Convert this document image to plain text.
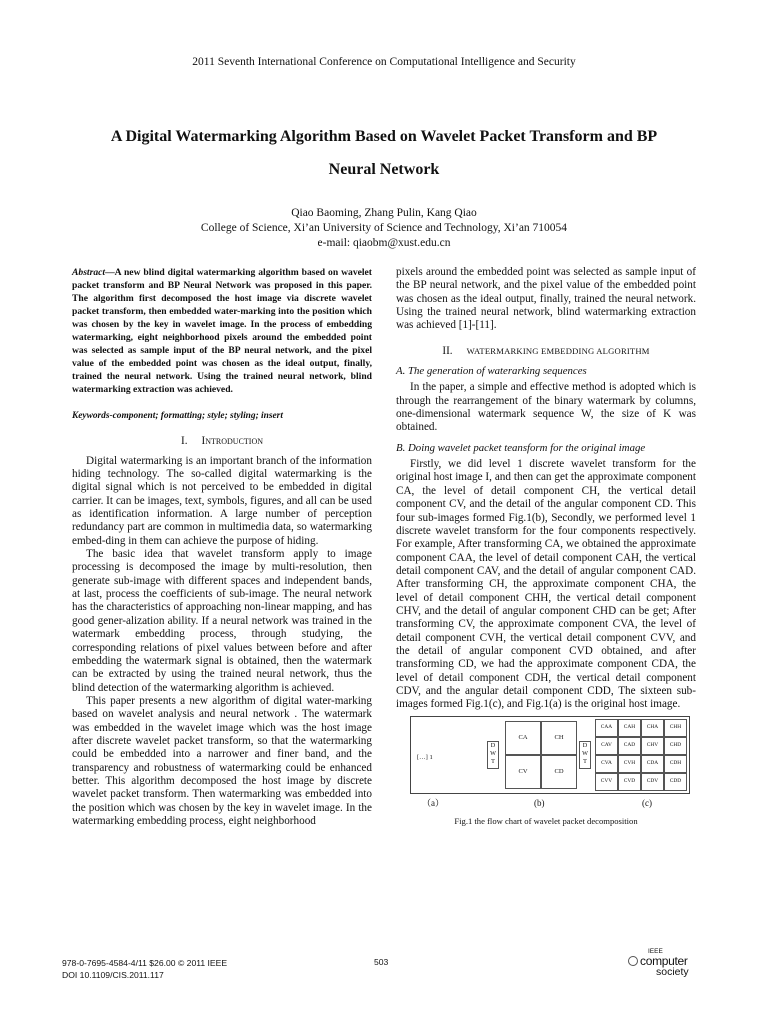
2011 Seventh International Conference on Computational Intelligence and Security
A Digital Watermarking Algorithm Based on Wavelet Packet Transform and BP
Neural Network
Qiao Baoming, Zhang Pulin, Kang Qiao
College of Science, Xi’an University of Science and Technology, Xi’an 710054
e-mail: qiaobm@xust.edu.cn
Abstract—A new blind digital watermarking algorithm based on wavelet packet transform and BP Neural Network was proposed in this paper. The algorithm first decomposed the host image via discrete wavelet packet transform, then embedded water-marking into the position which was chosen by the key in wavelet image. In the process of embedding watermarking, eight neighborhood pixels around the embedded point was selected as sample input of the BP neural network, and the pixel value of the embedded point was chosen as the ideal output, finally, trained the neural network. Using the trained neural network, blind watermarking extraction was achieved.
Keywords-component; formatting; style; styling; insert
I. Introduction

Digital watermarking is an important branch of the information hiding technology. The so-called digital watermarking is the digital signal which is not perceived to be embedded in digital carrier. It can be images, text, symbols, figures, and all can be used as identification information. A large number of perception redundancy part are common in multimedia data, so watermarking embed-ding in them can achieve the purpose of hiding.

The basic idea that wavelet transform apply to image processing is decomposed the image by multi-resolution, then generate sub-image with different spaces and independent bands, at last, process the coefficients of sub-image. The neural network has the characteristics of approaching non-linear mapping, and has good gener-alization ability. If a neural network was trained in the watermark embedding process, through studying, the corresponding relations of pixel values between before and after embedding the watermark signal is obtained, then the watermark can be extracted by using the trained neural network, thus the blind detection of the watermarking algorithm is achieved.

This paper presents a new algorithm of digital water-marking based on wavelet analysis and neural network . The watermark was embedded in the wavelet image which was the host image after discrete wavelet packet transform, so that the watermarking could be embedded into a narrower and finer band, and the transparency and robustness of watermarking could be enhanced better. This algorithm decomposed the host image by discrete wavelet packet transform. Then watermarking was embedded into the position which was chosen by the key in wavelet image. In the watermarking embedding process, eight neighborhood

pixels around the embedded point was selected as sample input of the BP neural network, and the pixel value of the embedded point was chosen as the ideal output, finally, trained the neural network. Using the trained neural network, blind watermarking extraction was achieved [1]-[11].

II. WATERMARKING EMBEDDING ALGORITHM
A. The generation of waterarking sequences

In the paper, a simple and effective method is adopted which is through the rearrangement of the binary watermark by columns, one-dimensional watermark sequence W, the size of K was obtained.

B. Doing wavelet packet teansform for the original image

Firstly, we did level 1 discrete wavelet transform for the original host image I, and then can get the approximate component CA, the level of detail component CH, the vertical detail component CV, and the detail of the angular component CD. This four sub-images formed Fig.1(b), Secondly, we performed level 1 discrete wavelet transform for the four components respectively. For example, After transforming CA, we obtained the approximate component CAA, the level of detail component CAH, the vertical detail component CAV, and the detail of angular component CAD. After transforming CH, the approximate component CHA, the level of detail component CHH, the vertical detail component CHV, and the detail of angular component CHD can be get; After transforming CV, the approximate component CVA, the level of detail component CVH, the vertical detail component CVV, and the detail of angular component CVD obtained, and after transforming CD, we had the approximate component CDA, the level of detail component CDH, the vertical detail component CDV, and the angular detail component CDD, The sixteen sub-images formed Fig.1(c), and Fig.1(a) is the original host image.

[…] 1
D
W
T
CA	CH
CV	CD
D
W
T
CAA	CAH	CHA	CHH
CAV	CAD	CHV	CHD
CVA	CVH	CDA	CDH
CVV	CVD	CDV	CDD
（a）	(b)	(c)
Fig.1 the flow chart of wavelet packet decomposition
978-0-7695-4584-4/11 $26.00 © 2011 IEEE
DOI 10.1109/CIS.2011.117
503
IEEE
computer
society
